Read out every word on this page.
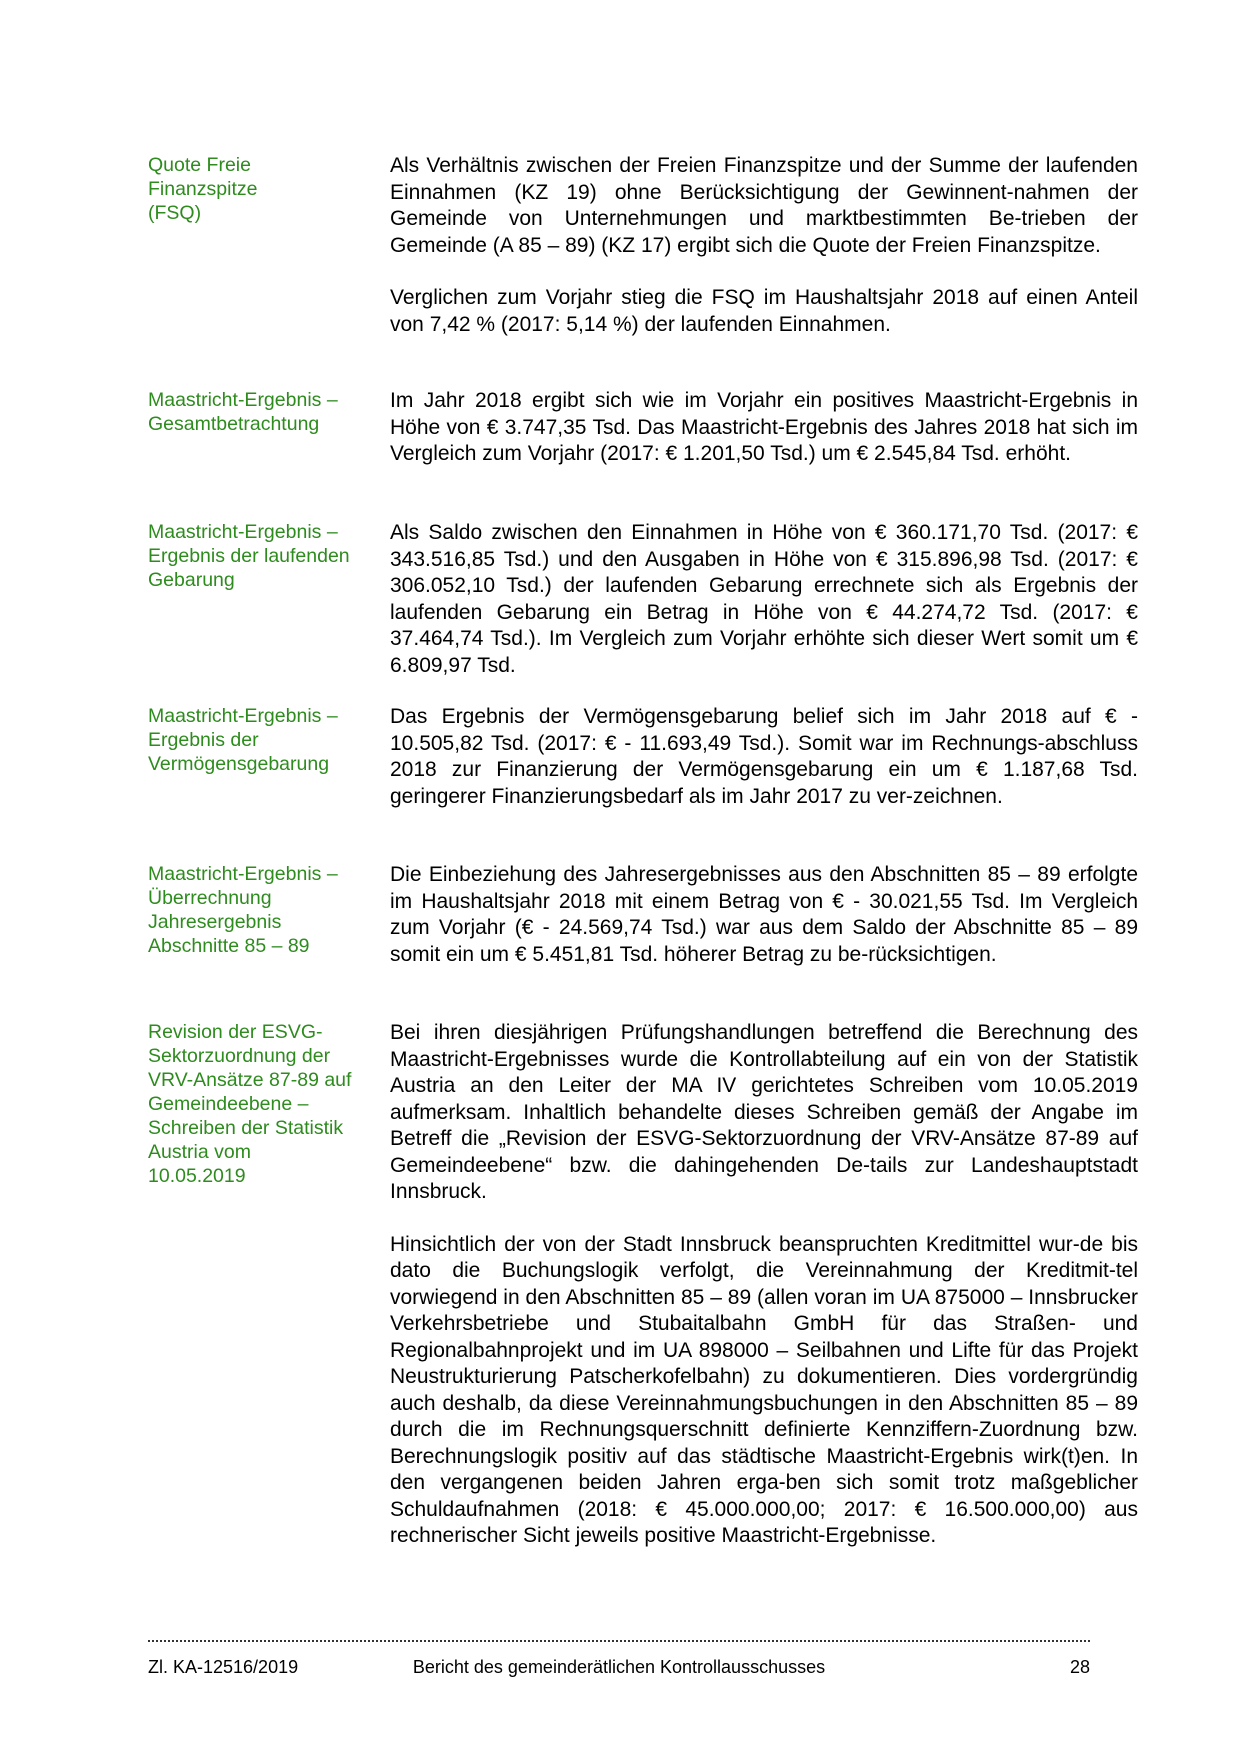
Quote Freie
Finanzspitze
(FSQ)

Als Verhältnis zwischen der Freien Finanzspitze und der Summe der laufenden Einnahmen (KZ 19) ohne Berücksichtigung der Gewinnent-nahmen der Gemeinde von Unternehmungen und marktbestimmten Be-trieben der Gemeinde (A 85 – 89) (KZ 17) ergibt sich die Quote der Freien Finanzspitze.

Verglichen zum Vorjahr stieg die FSQ im Haushaltsjahr 2018 auf einen Anteil von 7,42 % (2017: 5,14 %) der laufenden Einnahmen.

Maastricht-Ergebnis –
Gesamtbetrachtung

Im Jahr 2018 ergibt sich wie im Vorjahr ein positives Maastricht-Ergebnis in Höhe von € 3.747,35 Tsd. Das Maastricht-Ergebnis des Jahres 2018 hat sich im Vergleich zum Vorjahr (2017: € 1.201,50 Tsd.) um € 2.545,84 Tsd. erhöht.

Maastricht-Ergebnis –
Ergebnis der laufenden
Gebarung

Als Saldo zwischen den Einnahmen in Höhe von € 360.171,70 Tsd. (2017: € 343.516,85 Tsd.) und den Ausgaben in Höhe von € 315.896,98 Tsd. (2017: € 306.052,10 Tsd.) der laufenden Gebarung errechnete sich als Ergebnis der laufenden Gebarung ein Betrag in Höhe von € 44.274,72 Tsd. (2017: € 37.464,74 Tsd.). Im Vergleich zum Vorjahr erhöhte sich dieser Wert somit um € 6.809,97 Tsd.

Maastricht-Ergebnis –
Ergebnis der
Vermögensgebarung

Das Ergebnis der Vermögensgebarung belief sich im Jahr 2018 auf € - 10.505,82 Tsd. (2017: € - 11.693,49 Tsd.). Somit war im Rechnungs-abschluss 2018 zur Finanzierung der Vermögensgebarung ein um € 1.187,68 Tsd. geringerer Finanzierungsbedarf als im Jahr 2017 zu ver-zeichnen.

Maastricht-Ergebnis –
Überrechnung
Jahresergebnis
Abschnitte 85 – 89

Die Einbeziehung des Jahresergebnisses aus den Abschnitten 85 – 89 erfolgte im Haushaltsjahr 2018 mit einem Betrag von € - 30.021,55 Tsd. Im Vergleich zum Vorjahr (€ - 24.569,74 Tsd.) war aus dem Saldo der Abschnitte 85 – 89 somit ein um € 5.451,81 Tsd. höherer Betrag zu be-rücksichtigen.

Revision der ESVG-
Sektorzuordnung der
VRV-Ansätze 87-89 auf
Gemeindeebene –
Schreiben der Statistik
Austria vom
10.05.2019

Bei ihren diesjährigen Prüfungshandlungen betreffend die Berechnung des Maastricht-Ergebnisses wurde die Kontrollabteilung auf ein von der Statistik Austria an den Leiter der MA IV gerichtetes Schreiben vom 10.05.2019 aufmerksam. Inhaltlich behandelte dieses Schreiben gemäß der Angabe im Betreff die „Revision der ESVG-Sektorzuordnung der VRV-Ansätze 87-89 auf Gemeindeebene“ bzw. die dahingehenden De-tails zur Landeshauptstadt Innsbruck.

Hinsichtlich der von der Stadt Innsbruck beanspruchten Kreditmittel wur-de bis dato die Buchungslogik verfolgt, die Vereinnahmung der Kreditmit-tel vorwiegend in den Abschnitten 85 – 89 (allen voran im UA 875000 – Innsbrucker Verkehrsbetriebe und Stubaitalbahn GmbH für das Straßen- und Regionalbahnprojekt und im UA 898000 – Seilbahnen und Lifte für das Projekt Neustrukturierung Patscherkofelbahn) zu dokumentieren. Dies vordergründig auch deshalb, da diese Vereinnahmungsbuchungen in den Abschnitten 85 – 89 durch die im Rechnungsquerschnitt definierte Kennziffern-Zuordnung bzw. Berechnungslogik positiv auf das städtische Maastricht-Ergebnis wirk(t)en. In den vergangenen beiden Jahren erga-ben sich somit trotz maßgeblicher Schuldaufnahmen (2018: € 45.000.000,00; 2017: € 16.500.000,00) aus rechnerischer Sicht jeweils positive Maastricht-Ergebnisse.

Zl. KA-12516/2019	Bericht des gemeinderätlichen Kontrollausschusses	28
